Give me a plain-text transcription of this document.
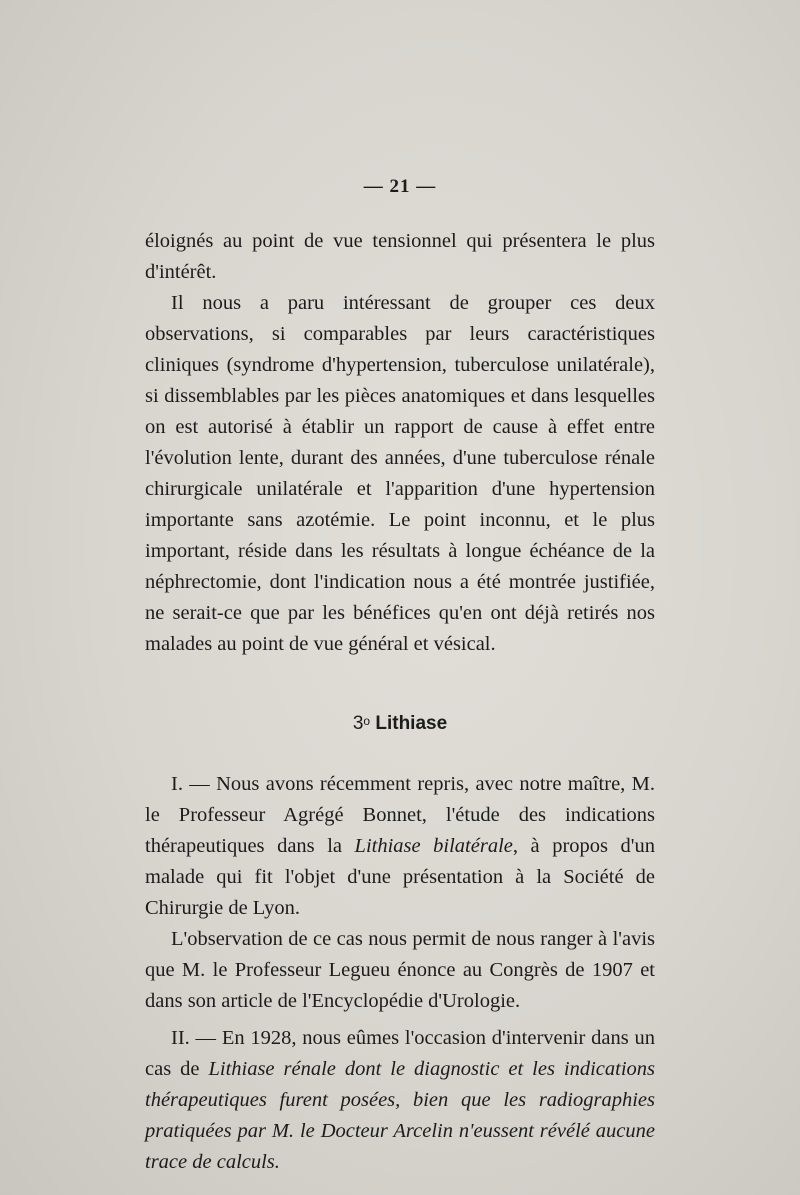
— 21 —

éloignés au point de vue tensionnel qui présentera le plus d'intérêt.

Il nous a paru intéressant de grouper ces deux observations, si comparables par leurs caractéristiques cliniques (syndrome d'hypertension, tuberculose unilatérale), si dissemblables par les pièces anatomiques et dans lesquelles on est autorisé à établir un rapport de cause à effet entre l'évolution lente, durant des années, d'une tuberculose rénale chirurgicale unilatérale et l'apparition d'une hypertension importante sans azotémie. Le point inconnu, et le plus important, réside dans les résultats à longue échéance de la néphrectomie, dont l'indication nous a été montrée justifiée, ne serait-ce que par les bénéfices qu'en ont déjà retirés nos malades au point de vue général et vésical.

3$^o$ Lithiase

I. — Nous avons récemment repris, avec notre maître, M. le Professeur Agrégé Bonnet, l'étude des indications thérapeutiques dans la Lithiase bilatérale, à propos d'un malade qui fit l'objet d'une présentation à la Société de Chirurgie de Lyon.

L'observation de ce cas nous permit de nous ranger à l'avis que M. le Professeur Legueu énonce au Congrès de 1907 et dans son article de l'Encyclopédie d'Urologie.

II. — En 1928, nous eûmes l'occasion d'intervenir dans un cas de Lithiase rénale dont le diagnostic et les indications thérapeutiques furent posées, bien que les radiographies pratiquées par M. le Docteur Arcelin n'eussent révélé aucune trace de calculs.
